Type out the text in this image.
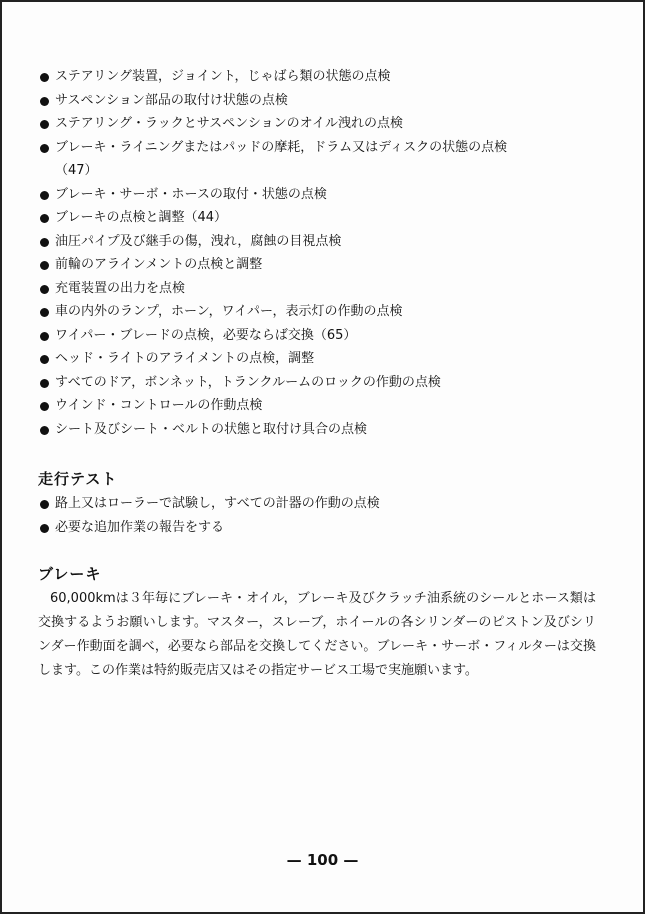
ステアリング装置，ジョイント，じゃばら類の状態の点検
サスペンション部品の取付け状態の点検
ステアリング・ラックとサスペンションのオイル洩れの点検
ブレーキ・ライニングまたはパッドの摩耗，ドラム又はディスクの状態の点検
（47）
ブレーキ・サーボ・ホースの取付・状態の点検
ブレーキの点検と調整（44）
油圧パイプ及び継手の傷，洩れ，腐蝕の目視点検
前輪のアラインメントの点検と調整
充電装置の出力を点検
車の内外のランプ，ホーン，ワイパー，表示灯の作動の点検
ワイパー・ブレードの点検，必要ならば交換（65）
ヘッド・ライトのアライメントの点検，調整
すべてのドア，ボンネット，トランクルームのロックの作動の点検
ウインド・コントロールの作動点検
シート及びシート・ベルトの状態と取付け具合の点検
走行テスト
路上又はローラーで試験し，すべての計器の作動の点検
必要な追加作業の報告をする
ブレーキ

60,000kmは３年毎にブレーキ・オイル，ブレーキ及びクラッチ油系統のシールとホース類は交換するようお願いします。マスター，スレーブ，ホイールの各シリンダーのピストン及びシリンダー作動面を調べ，必要なら部品を交換してください。ブレーキ・サーボ・フィルターは交換します。この作業は特約販売店又はその指定サービス工場で実施願います。

— 100 —
